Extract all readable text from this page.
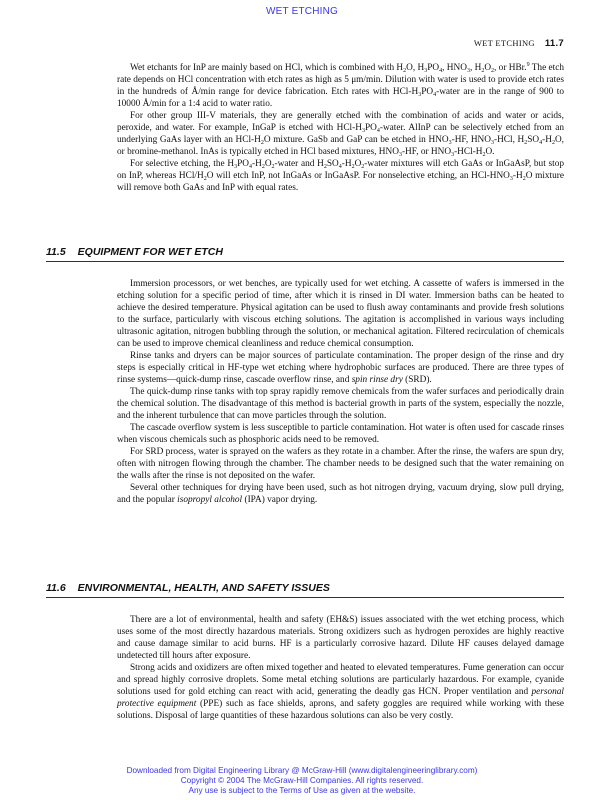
WET ETCHING
WET ETCHING 11.7

Wet etchants for InP are mainly based on HCl, which is combined with $H_2O$, $H_3PO_4$, $HNO_3$, $H_2O_2$, or HBr.$^9$ The etch rate depends on HCl concentration with etch rates as high as 5 μm/min. Dilution with water is used to provide etch rates in the hundreds of Å/min range for device fabrication. Etch rates with HCl-$H_3PO_4$-water are in the range of 900 to 10000 Å/min for a 1:4 acid to water ratio.

For other group III-V materials, they are generally etched with the combination of acids and water or acids, peroxide, and water. For example, InGaP is etched with HCl-$H_3PO_4$-water. AlInP can be selectively etched from an underlying GaAs layer with an HCl-$H_2O$ mixture. GaSb and GaP can be etched in $HNO_3-HF$, $HNO_3$-HCl, $H_2SO_4-H_2O$, or bromine-methanol. InAs is typically etched in HCl based mixtures, $HNO_3-HF$, or $HNO_3-HCl-H_2O$.

For selective etching, the $H_3PO_4-H_2O_2$-water and $H_2SO_4-H_2O_2$-water mixtures will etch GaAs or InGaAsP, but stop on InP, whereas HCl/$H_2O$ will etch InP, not InGaAs or InGaAsP. For nonselective etching, an HCl-$HNO_3-H_2O$ mixture will remove both GaAs and InP with equal rates.

11.5 EQUIPMENT FOR WET ETCH

Immersion processors, or wet benches, are typically used for wet etching. A cassette of wafers is immersed in the etching solution for a specific period of time, after which it is rinsed in DI water. Immersion baths can be heated to achieve the desired temperature. Physical agitation can be used to flush away contaminants and provide fresh solutions to the surface, particularly with viscous etching solutions. The agitation is accomplished in various ways including ultrasonic agitation, nitrogen bubbling through the solution, or mechanical agitation. Filtered recirculation of chemicals can be used to improve chemical cleanliness and reduce chemical consumption.

Rinse tanks and dryers can be major sources of particulate contamination. The proper design of the rinse and dry steps is especially critical in HF-type wet etching where hydrophobic surfaces are produced. There are three types of rinse systems—quick-dump rinse, cascade overflow rinse, and spin rinse dry (SRD).

The quick-dump rinse tanks with top spray rapidly remove chemicals from the wafer surfaces and periodically drain the chemical solution. The disadvantage of this method is bacterial growth in parts of the system, especially the nozzle, and the inherent turbulence that can move particles through the solution.

The cascade overflow system is less susceptible to particle contamination. Hot water is often used for cascade rinses when viscous chemicals such as phosphoric acids need to be removed.

For SRD process, water is sprayed on the wafers as they rotate in a chamber. After the rinse, the wafers are spun dry, often with nitrogen flowing through the chamber. The chamber needs to be designed such that the water remaining on the walls after the rinse is not deposited on the wafer.

Several other techniques for drying have been used, such as hot nitrogen drying, vacuum drying, slow pull drying, and the popular isopropyl alcohol (IPA) vapor drying.

11.6 ENVIRONMENTAL, HEALTH, AND SAFETY ISSUES

There are a lot of environmental, health and safety (EH&S) issues associated with the wet etching process, which uses some of the most directly hazardous materials. Strong oxidizers such as hydrogen peroxides are highly reactive and cause damage similar to acid burns. HF is a particularly corrosive hazard. Dilute HF causes delayed damage undetected till hours after exposure.

Strong acids and oxidizers are often mixed together and heated to elevated temperatures. Fume generation can occur and spread highly corrosive droplets. Some metal etching solutions are particularly hazardous. For example, cyanide solutions used for gold etching can react with acid, generating the deadly gas HCN. Proper ventilation and personal protective equipment (PPE) such as face shields, aprons, and safety goggles are required while working with these solutions. Disposal of large quantities of these hazardous solutions can also be very costly.

Downloaded from Digital Engineering Library @ McGraw-Hill (www.digitalengineeringlibrary.com)
Copyright © 2004 The McGraw-Hill Companies. All rights reserved.
Any use is subject to the Terms of Use as given at the website.
